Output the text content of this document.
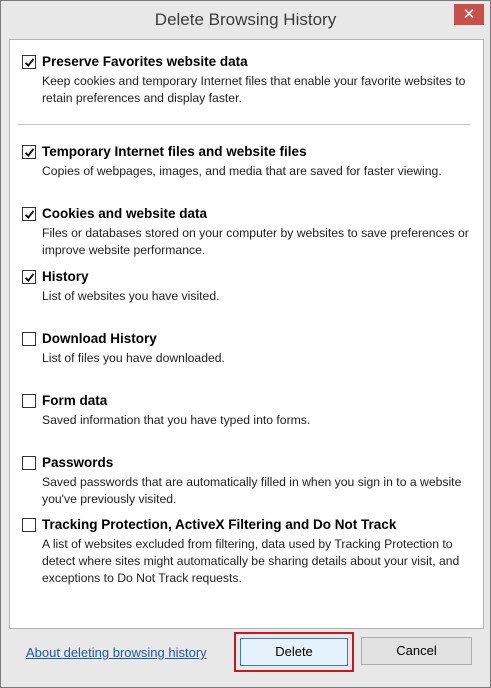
Delete Browsing History	✕
Preserve Favorites website data
Keep cookies and temporary Internet files that enable your favorite websites to retain preferences and display faster.
Temporary Internet files and website files
Copies of webpages, images, and media that are saved for faster viewing.
Cookies and website data
Files or databases stored on your computer by websites to save preferences or improve website performance.
History
List of websites you have visited.
Download History
List of files you have downloaded.
Form data
Saved information that you have typed into forms.
Passwords
Saved passwords that are automatically filled in when you sign in to a website you've previously visited.
Tracking Protection, ActiveX Filtering and Do Not Track
A list of websites excluded from filtering, data used by Tracking Protection to detect where sites might automatically be sharing details about your visit, and exceptions to Do Not Track requests.
About deleting browsing history	Delete	Cancel
